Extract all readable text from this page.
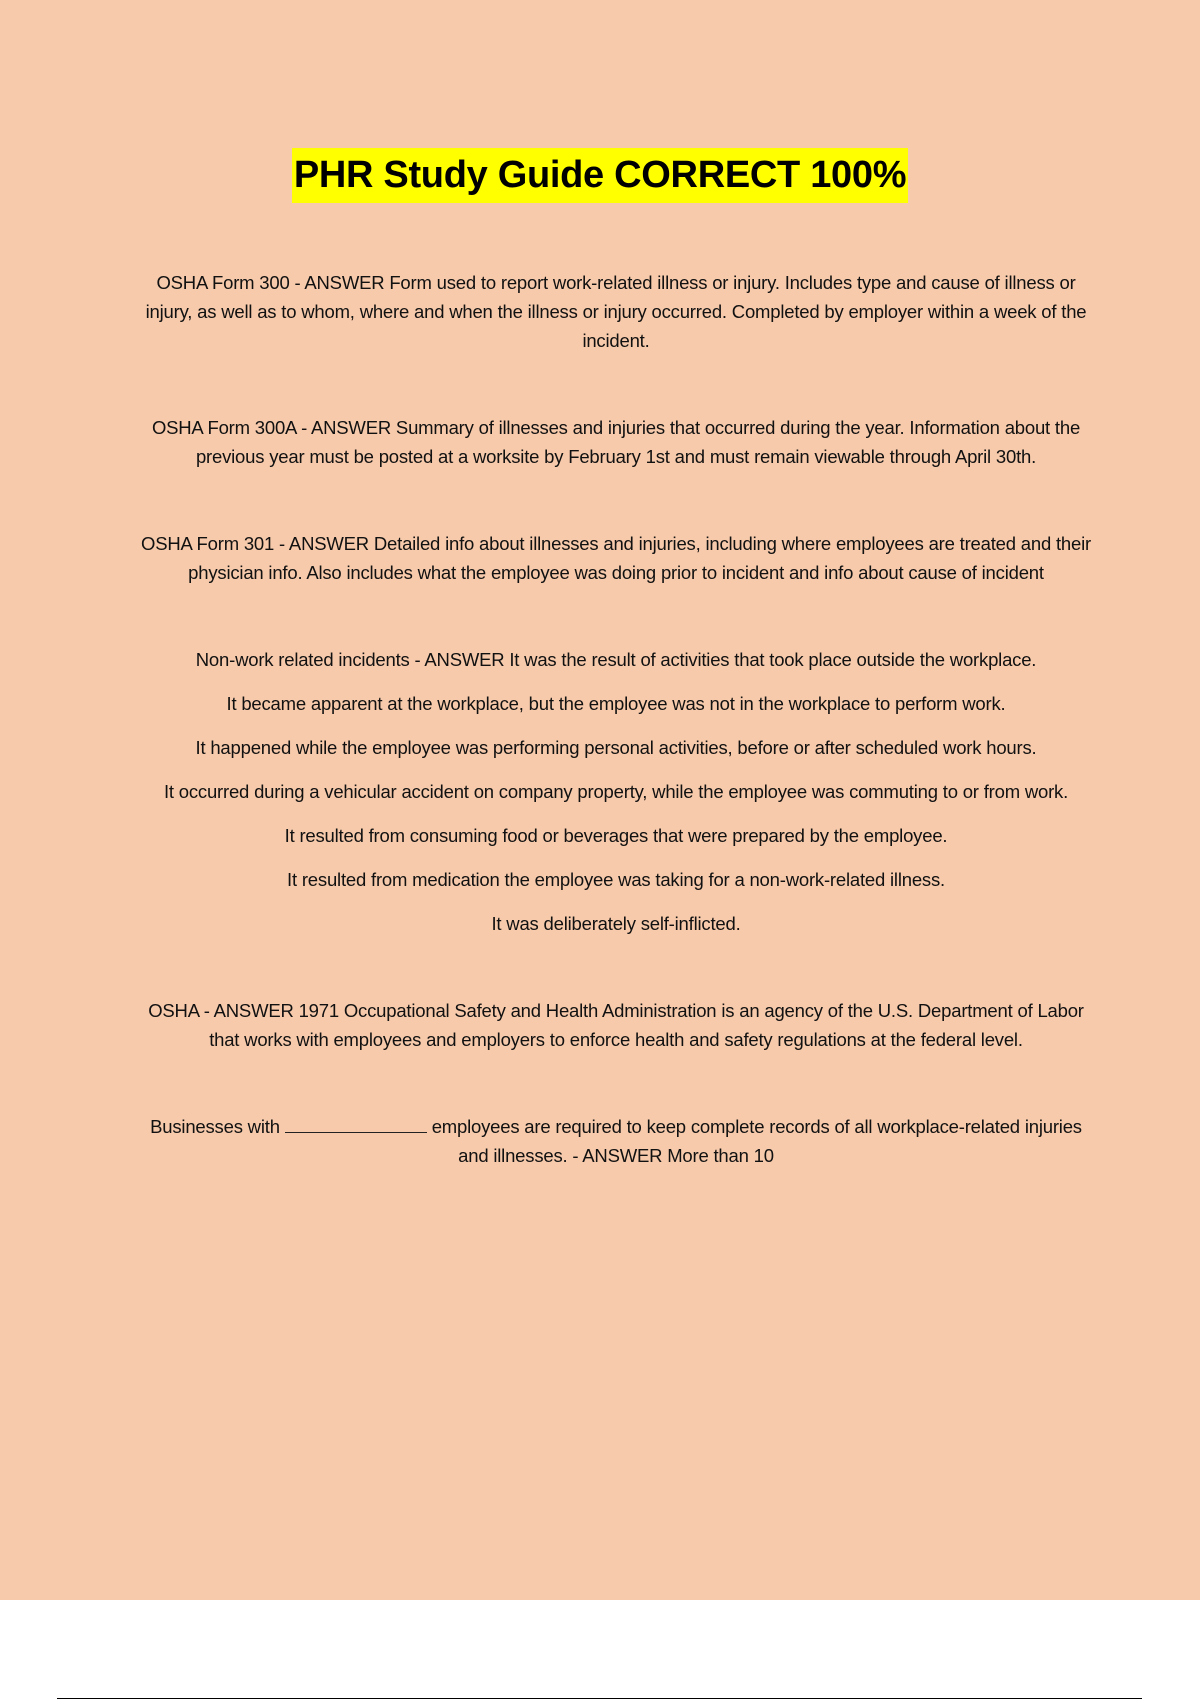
PHR Study Guide CORRECT 100%

OSHA Form 300 - ANSWER Form used to report work-related illness or injury. Includes type and cause of illness or injury, as well as to whom, where and when the illness or injury occurred. Completed by employer within a week of the incident.

OSHA Form 300A - ANSWER Summary of illnesses and injuries that occurred during the year. Information about the previous year must be posted at a worksite by February 1st and must remain viewable through April 30th.

OSHA Form 301 - ANSWER Detailed info about illnesses and injuries, including where employees are treated and their physician info. Also includes what the employee was doing prior to incident and info about cause of incident

Non-work related incidents - ANSWER It was the result of activities that took place outside the workplace.

It became apparent at the workplace, but the employee was not in the workplace to perform work.

It happened while the employee was performing personal activities, before or after scheduled work hours.

It occurred during a vehicular accident on company property, while the employee was commuting to or from work.

It resulted from consuming food or beverages that were prepared by the employee.

It resulted from medication the employee was taking for a non-work-related illness.

It was deliberately self-inflicted.

OSHA - ANSWER 1971 Occupational Safety and Health Administration is an agency of the U.S. Department of Labor that works with employees and employers to enforce health and safety regulations at the federal level.

Businesses with	employees are required to keep complete records of all workplace-related injuries and illnesses. - ANSWER More than 10
